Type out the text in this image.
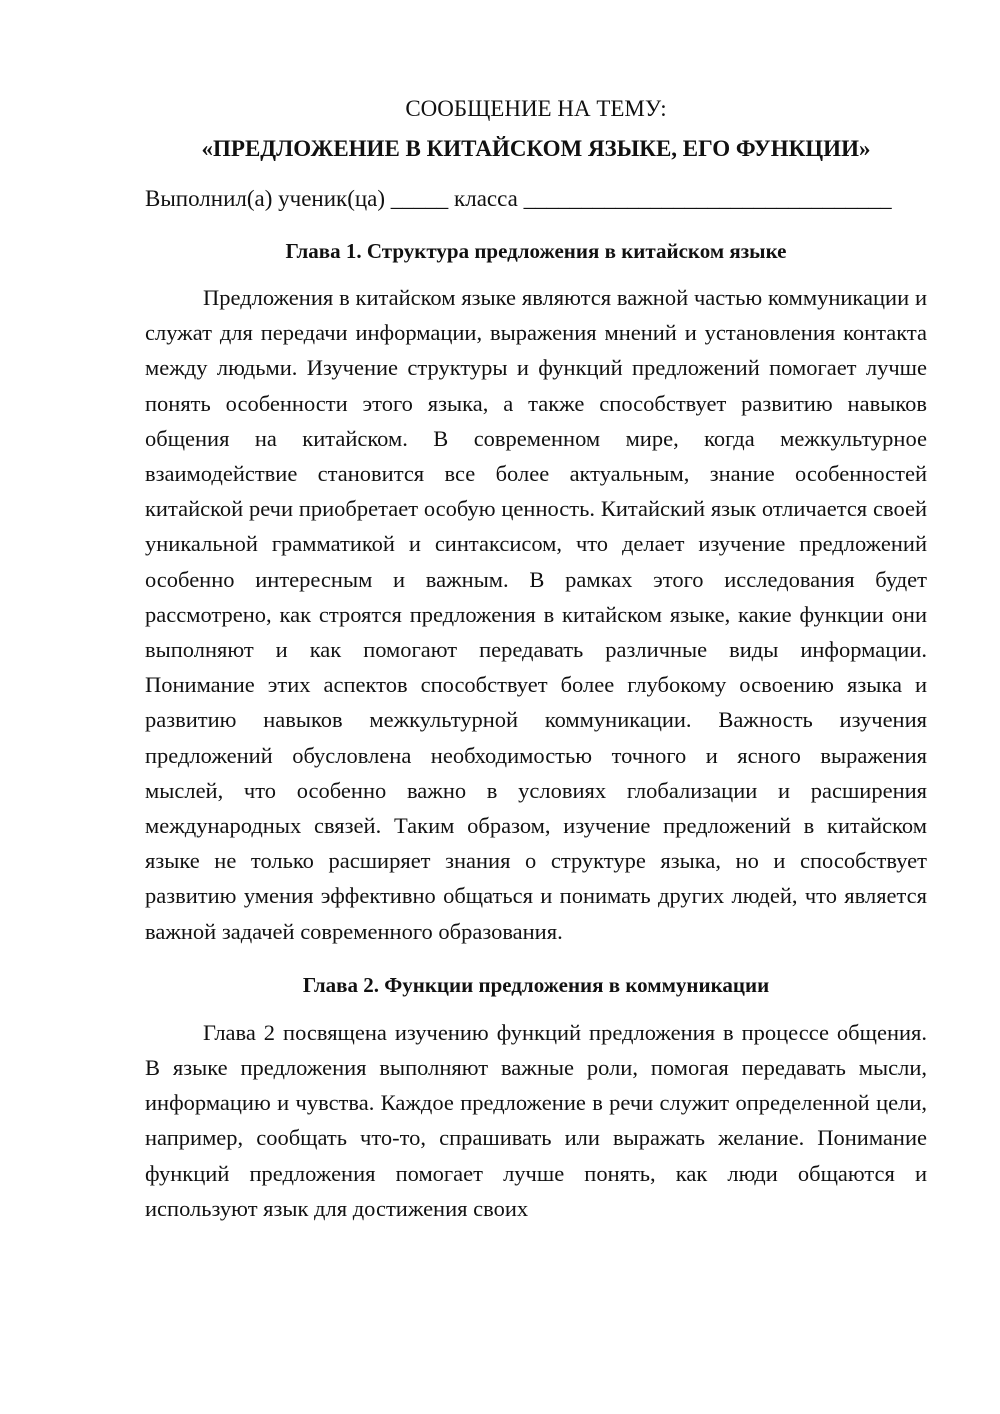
СООБЩЕНИЕ НА ТЕМУ:
«ПРЕДЛОЖЕНИЕ В КИТАЙСКОМ ЯЗЫКЕ, ЕГО ФУНКЦИИ»
Выполнил(а) ученик(ца) _____ класса ________________________________
Глава 1. Структура предложения в китайском языке

Предложения в китайском языке являются важной частью коммуникации и служат для передачи информации, выражения мнений и установления контакта между людьми. Изучение структуры и функций предложений помогает лучше понять особенности этого языка, а также способствует развитию навыков общения на китайском. В современном мире, когда межкультурное взаимодействие становится все более актуальным, знание особенностей китайской речи приобретает особую ценность. Китайский язык отличается своей уникальной грамматикой и синтаксисом, что делает изучение предложений особенно интересным и важным. В рамках этого исследования будет рассмотрено, как строятся предложения в китайском языке, какие функции они выполняют и как помогают передавать различные виды информации. Понимание этих аспектов способствует более глубокому освоению языка и развитию навыков межкультурной коммуникации. Важность изучения предложений обусловлена необходимостью точного и ясного выражения мыслей, что особенно важно в условиях глобализации и расширения международных связей. Таким образом, изучение предложений в китайском языке не только расширяет знания о структуре языка, но и способствует развитию умения эффективно общаться и понимать других людей, что является важной задачей современного образования.

Глава 2. Функции предложения в коммуникации

Глава 2 посвящена изучению функций предложения в процессе общения. В языке предложения выполняют важные роли, помогая передавать мысли, информацию и чувства. Каждое предложение в речи служит определенной цели, например, сообщать что-то, спрашивать или выражать желание. Понимание функций предложения помогает лучше понять, как люди общаются и используют язык для достижения своих
